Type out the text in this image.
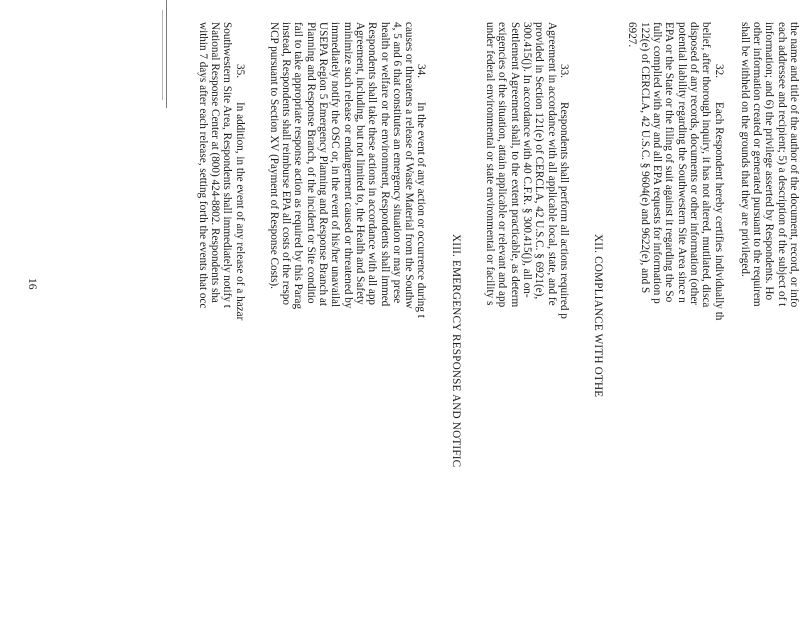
the name and title of the author of the document, record, or info
each addressee and recipient; 5) a description of the subject of t
information; and 6) the privilege asserted by Respondents. Ho
other information created or generated pursuant to the requirem
shall be withheld on the grounds that they are privileged.
32.Each Respondent hereby certifies individually th
belief, after thorough inquiry, it has not altered, mutilated, disca
disposed of any records, documents or other information (other
potential liability regarding the Southwestern Site Area since n
EPA or the State or the filing of suit against it regarding the So
fully complied with any and all EPA requests for information p
122(e) of CERCLA, 42 U.S.C. § 9604(e) and 9622(e), and S
6927.
XII. COMPLIANCE WITH OTHE
33.Respondents shall perform all actions required p
Agreement in accordance with all applicable local, state, and fe
provided in Section 121(e) of CERCLA, 42 U.S.C. § 6921(e),
300.415(j). In accordance with 40 C.F.R. § 300.415(j), all on-
Settlement Agreement shall, to the extent practicable, as determ
exigencies of the situation, attain applicable or relevant and app
under federal environmental or state environmental or facility s
XIII. EMERGENCY RESPONSE AND NOTIFIC
34.In the event of any action or occurrence during t
causes or threatens a release of Waste Material from the Southw
4, 5 and 6 that constitutes an emergency situation or may prese
health or welfare or the environment, Respondents shall immed
Respondents shall take these actions in accordance with all app
Agreement, including, but not limited to, the Health and Safety
minimize such release or endangerment caused or threatened by
immediately notify the OSC or, in the event of his/her unavailal
USEPA Region 5 Emergency Planning and Response Branch at
Planning and Response Branch, of the incident or Site conditio
fail to take appropriate response action as required by this Parag
instead, Respondents shall reimburse EPA all costs of the respo
NCP pursuant to Section XV (Payment of Response Costs).
35.In addition, in the event of any release of a hazar
Southwestern Site Area, Respondents shall immediately notify t
National Response Center at (800) 424-8802. Respondents sha
within 7 days after each release, setting forth the events that occ
16
